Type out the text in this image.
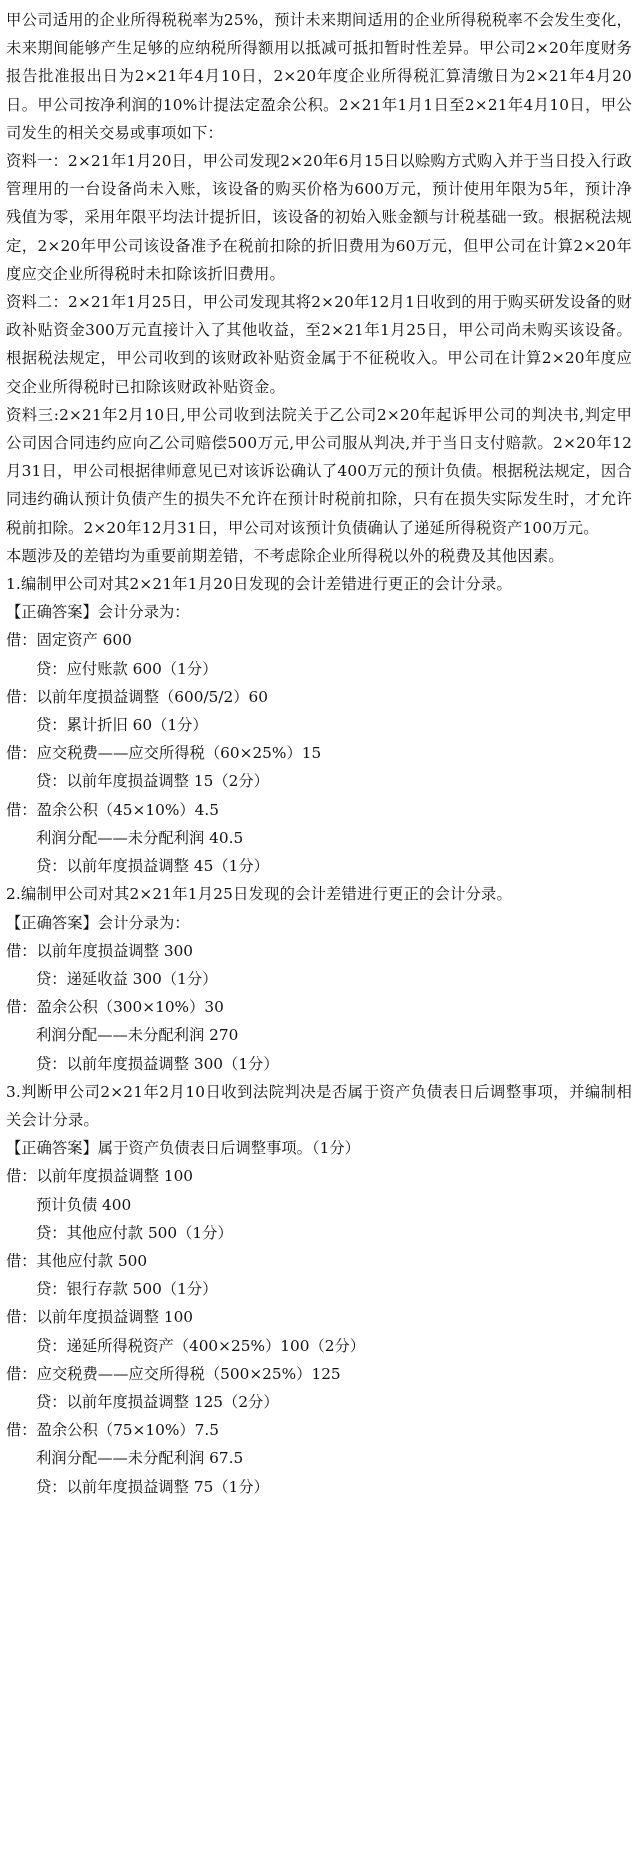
甲公司适用的企业所得税税率为25%，预计未来期间适用的企业所得税税率不会发生变化，未来期间能够产生足够的应纳税所得额用以抵减可抵扣暂时性差异。甲公司2×20年度财务报告批准报出日为2×21年4月10日，2×20年度企业所得税汇算清缴日为2×21年4月20日。甲公司按净利润的10%计提法定盈余公积。2×21年1月1日至2×21年4月10日，甲公司发生的相关交易或事项如下：

资料一：2×21年1月20日，甲公司发现2×20年6月15日以赊购方式购入并于当日投入行政管理用的一台设备尚未入账，该设备的购买价格为600万元，预计使用年限为5年，预计净残值为零，采用年限平均法计提折旧，该设备的初始入账金额与计税基础一致。根据税法规定，2×20年甲公司该设备准予在税前扣除的折旧费用为60万元，但甲公司在计算2×20年度应交企业所得税时未扣除该折旧费用。

资料二：2×21年1月25日，甲公司发现其将2×20年12月1日收到的用于购买研发设备的财政补贴资金300万元直接计入了其他收益，至2×21年1月25日，甲公司尚未购买该设备。根据税法规定，甲公司收到的该财政补贴资金属于不征税收入。甲公司在计算2×20年度应交企业所得税时已扣除该财政补贴资金。

资料三:2×21年2月10日,甲公司收到法院关于乙公司2×20年起诉甲公司的判决书,判定甲公司因合同违约应向乙公司赔偿500万元,甲公司服从判决,并于当日支付赔款。2×20年12月31日，甲公司根据律师意见已对该诉讼确认了400万元的预计负债。根据税法规定，因合同违约确认预计负债产生的损失不允许在预计时税前扣除，只有在损失实际发生时，才允许税前扣除。2×20年12月31日，甲公司对该预计负债确认了递延所得税资产100万元。

本题涉及的差错均为重要前期差错，不考虑除企业所得税以外的税费及其他因素。

1.编制甲公司对其2×21年1月20日发现的会计差错进行更正的会计分录。

【正确答案】会计分录为：

借：固定资产 600

贷：应付账款 600（1分）

借：以前年度损益调整（600/5/2）60

贷：累计折旧 60（1分）

借：应交税费——应交所得税（60×25%）15

贷：以前年度损益调整 15（2分）

借：盈余公积（45×10%）4.5

利润分配——未分配利润 40.5

贷：以前年度损益调整 45（1分）

2.编制甲公司对其2×21年1月25日发现的会计差错进行更正的会计分录。

【正确答案】会计分录为：

借：以前年度损益调整 300

贷：递延收益 300（1分）

借：盈余公积（300×10%）30

利润分配——未分配利润 270

贷：以前年度损益调整 300（1分）

3.判断甲公司2×21年2月10日收到法院判决是否属于资产负债表日后调整事项，并编制相关会计分录。

【正确答案】属于资产负债表日后调整事项。（1分）

借：以前年度损益调整 100

预计负债 400

贷：其他应付款 500（1分）

借：其他应付款 500

贷：银行存款 500（1分）

借：以前年度损益调整 100

贷：递延所得税资产（400×25%）100（2分）

借：应交税费——应交所得税（500×25%）125

贷：以前年度损益调整 125（2分）

借：盈余公积（75×10%）7.5

利润分配——未分配利润 67.5

贷：以前年度损益调整 75（1分）
